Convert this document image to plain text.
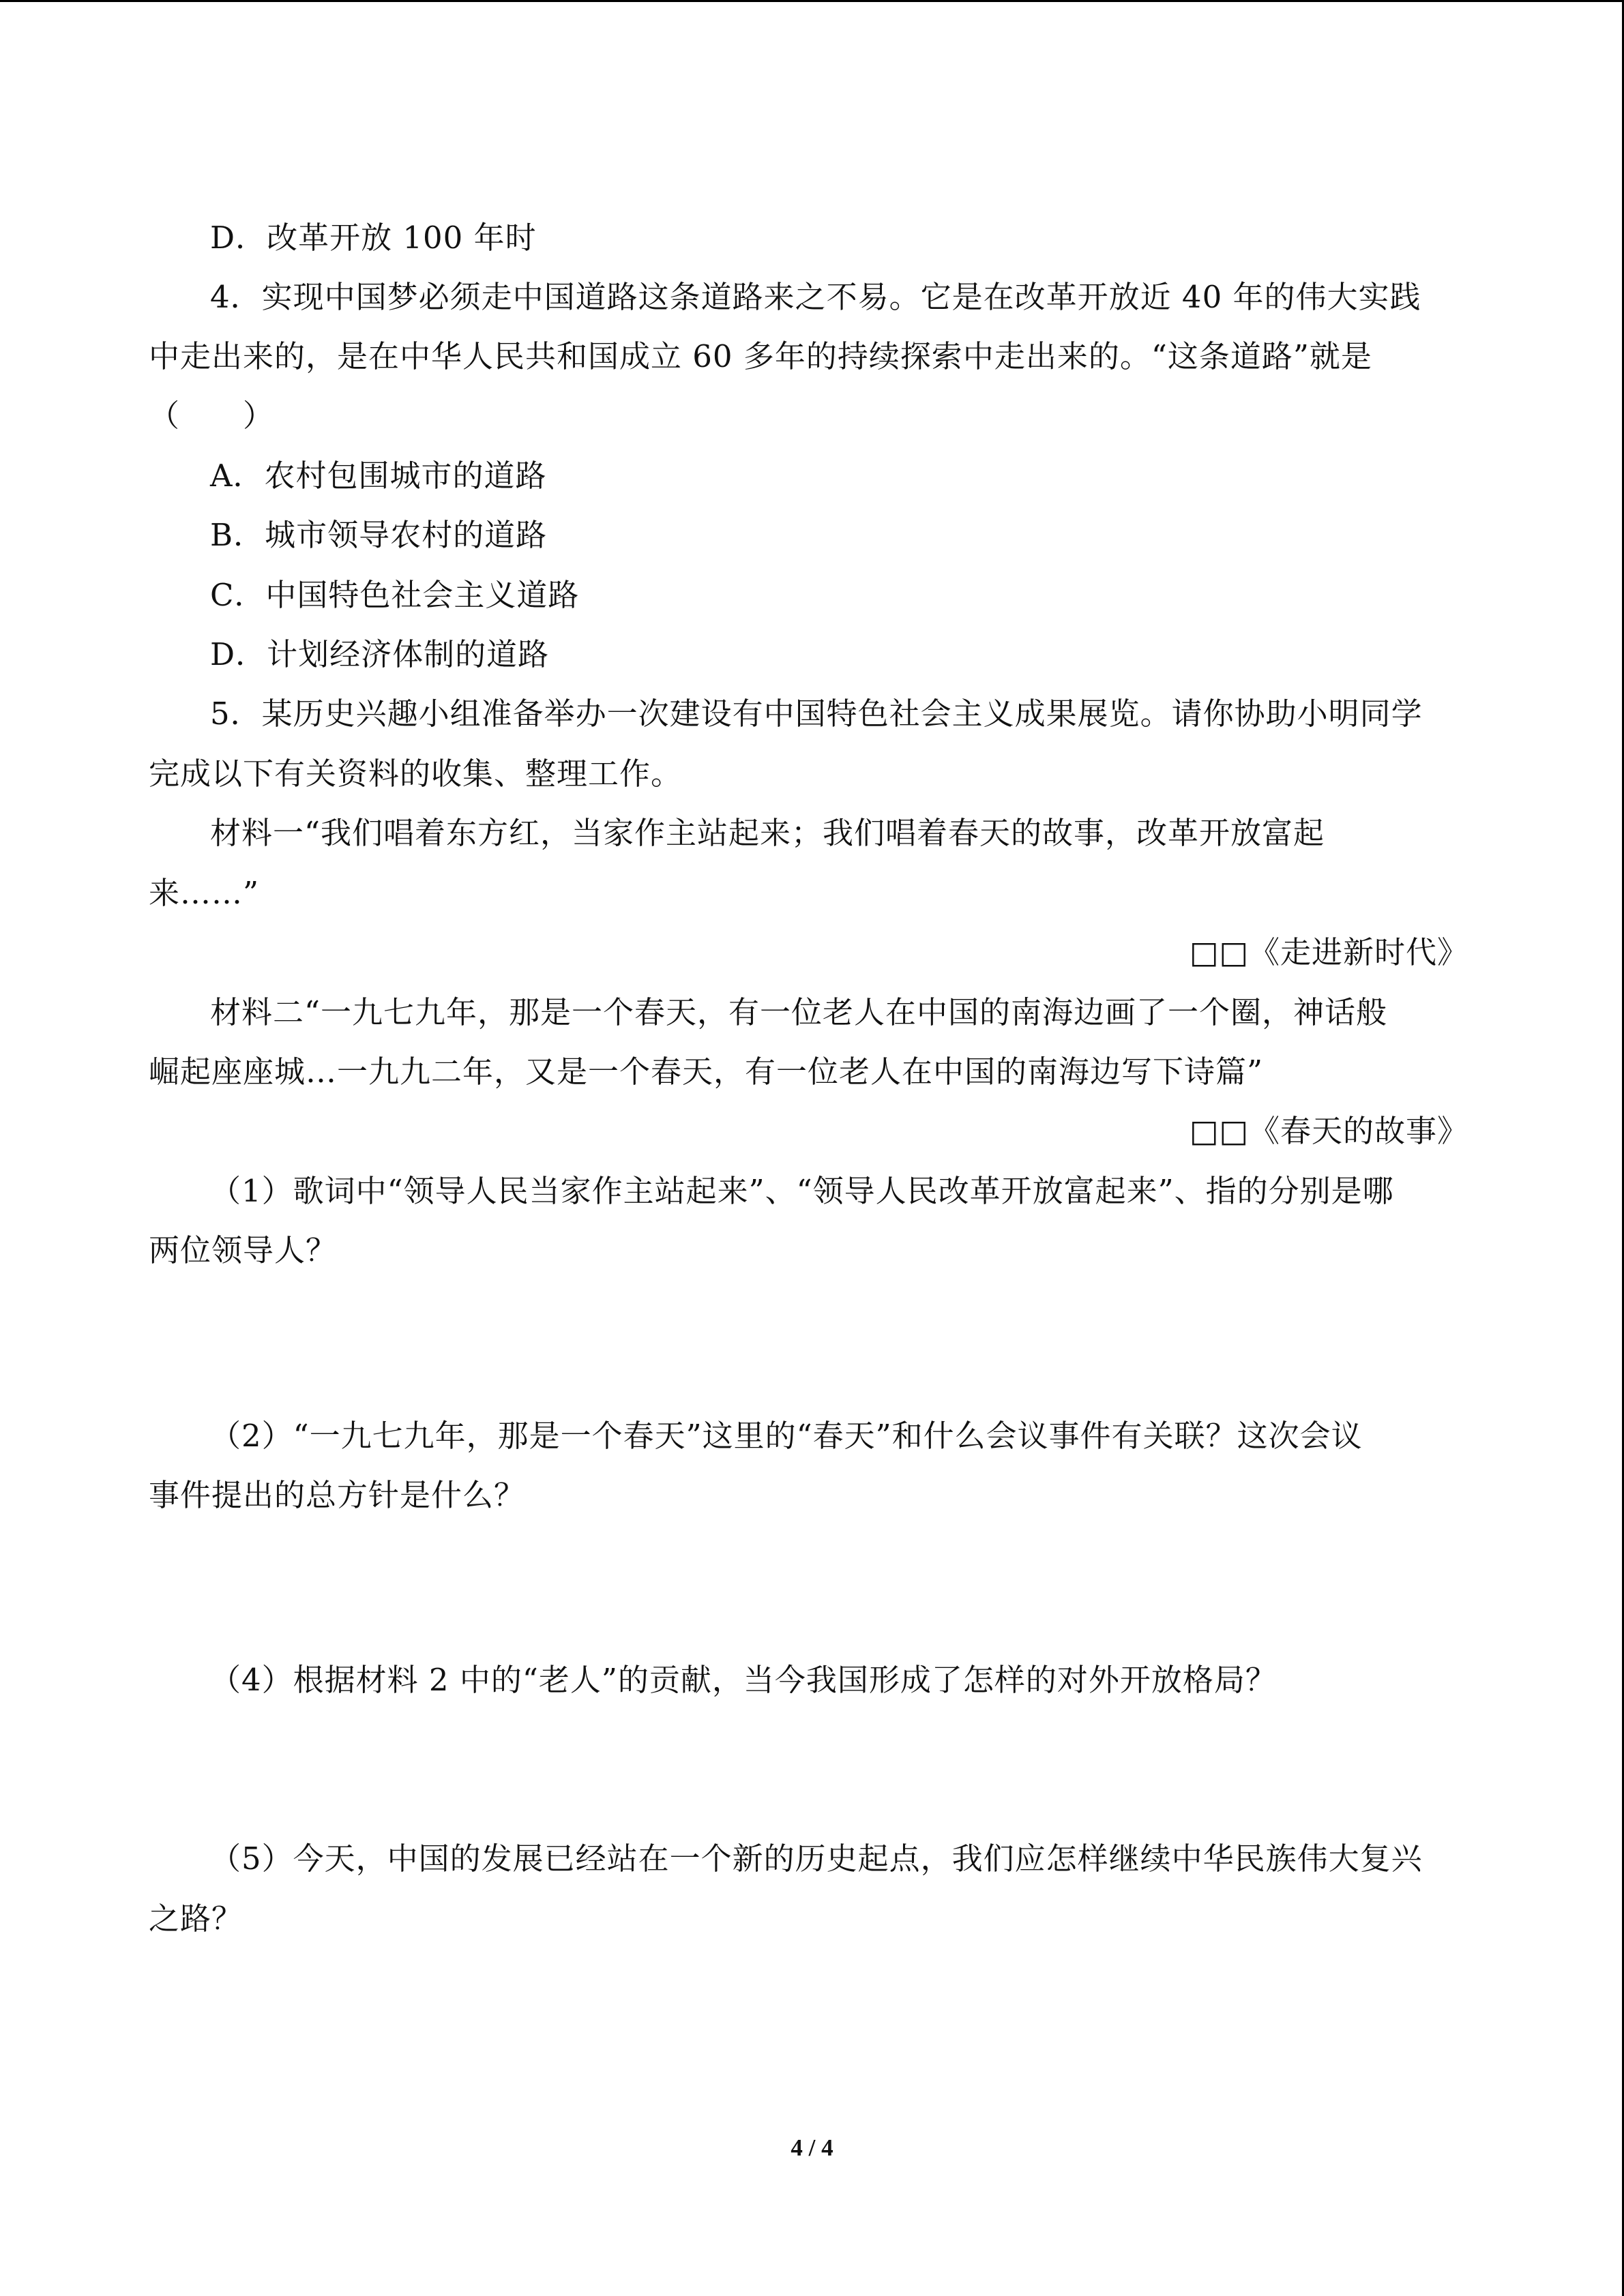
D．改革开放 100 年时
4．实现中国梦必须走中国道路这条道路来之不易。它是在改革开放近 40 年的伟大实践
中走出来的，是在中华人民共和国成立 60 多年的持续探索中走出来的。“这条道路”就是
（　　）
A．农村包围城市的道路
B．城市领导农村的道路
C．中国特色社会主义道路
D．计划经济体制的道路
5．某历史兴趣小组准备举办一次建设有中国特色社会主义成果展览。请你协助小明同学
完成以下有关资料的收集、整理工作。
材料一“我们唱着东方红，当家作主站起来；我们唱着春天的故事，改革开放富起
来……”
□□《走进新时代》
材料二“一九七九年，那是一个春天，有一位老人在中国的南海边画了一个圈，神话般
崛起座座城…一九九二年，又是一个春天，有一位老人在中国的南海边写下诗篇”
□□《春天的故事》
（1）歌词中“领导人民当家作主站起来”、“领导人民改革开放富起来”、指的分别是哪
两位领导人？
（2）“一九七九年，那是一个春天”这里的“春天”和什么会议事件有关联？这次会议
事件提出的总方针是什么？
（4）根据材料 2 中的“老人”的贡献，当今我国形成了怎样的对外开放格局？
（5）今天，中国的发展已经站在一个新的历史起点，我们应怎样继续中华民族伟大复兴
之路？
4 / 4
